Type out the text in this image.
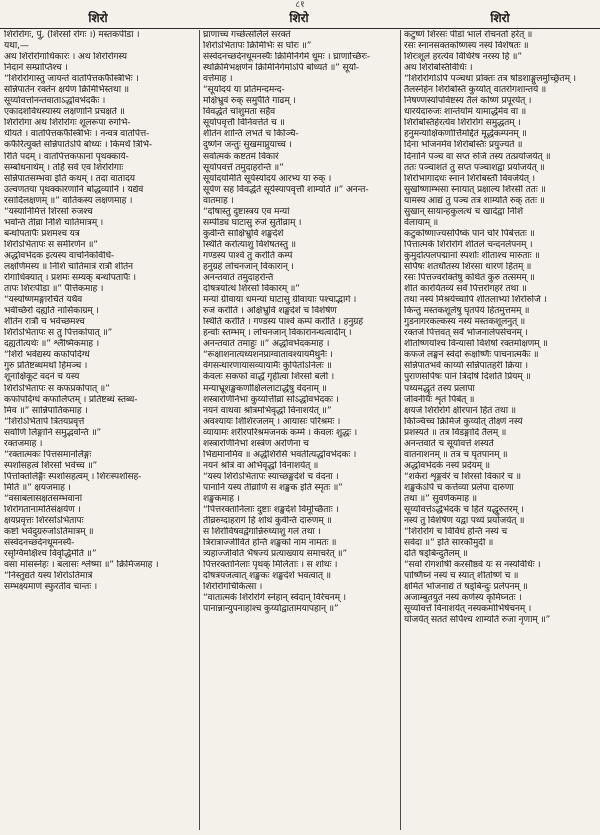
८१
शिरो	शिरो	शिरो
शिरोरोगः, पुं, (शिरसो रोगः ।) मस्तकपीडा ।
यथा,—
अथ शिरोरोगाधिकारः । अथ शिरोरोगस्य
निदानं सम्प्राप्तिश्च ।
“शिरोरोगास्तु जायन्ते वातपित्तकफैस्त्रिभिः ।
सन्निपातेन रक्तेन क्षयेण क्रिमिभिस्तथा ॥
सूर्य्यावर्त्तानन्तवाताऽर्द्धावभेदकैः ।
एकादशविधस्यास्य लक्षणानि प्रचक्षते ॥
शिरोरोगा अथ शिरोरोगः शूलरूपा रुगभि-
धीयते । वातपित्तकफैस्त्रिभिः । नन्वत्र वातपित्त-
कफैरित्युक्ते सन्निपातेऽपि बोध्यः । किमर्थं त्रिभि-
रिति पदम् । वातपित्तकफानां पृथक्कार्य-
सम्बोधनार्थम् । तर्हि सर्वे एव शिरोरोगाः
सन्निपातसम्भवा इति कथम् । तदा वातादय
उल्वणतया पृथक्कारणानि बोद्धव्यानि । यद्येवं
रसादिलक्षणम् ॥” वातिकस्य लक्षणमाह ।
“यस्यानिमित्तं शिरसो रुजश्च
भवन्ति तीव्रा निशि चातिमात्रम् ।
बन्धोपतापैः प्रशमश्च यत्र
शिरोऽभितापः स समीरणेन ॥”
अर्द्धावभेदक इत्यस्य वाचनिकविधि-
लक्षणिमस्य ॥ निशि चातिमात्रं रात्रौ शीतेन
रोगाधिक्यात् । प्रशमः सम्यक् बन्धोपतापैः ।
तापः शिरःपीडा ॥” पैत्तिकमाह ।
“यस्योष्णमङ्गारचितं यथैव
भवेच्छिरो दह्यति नासिकाग्रम् ।
शीतेन रात्रौ च भवेच्छमश्च
शिरोऽभितापः स तु पित्तकोपात् ॥”
दह्यतीत्यर्थः ॥” श्लैष्मिकमाह ।
“शिरो भवेद्यस्य कफोपदिग्धं
गुरु प्रतिष्टब्धमथो हिमञ्च ।
शूनाक्षिकूटं वदनं च यस्य
शिरोऽभितापः स कफप्रकोपात् ॥”
कफोपदिग्धं कफालिप्तम् । प्रतिष्टब्धं स्तब्ध-
मिव ॥” सान्निपातिकमाह ।
“शिरोऽभितापे त्रितयप्रवृत्ते
सर्वाणि लिङ्गानि समुद्भवन्ति ॥”
रक्तजमाह ।
“रक्तात्मकः पित्तसमानलिङ्गः
स्पर्शासहत्वं शिरसो भवेच्च ॥”
पित्तोक्तलिङ्गैः स्पर्शासहत्वम् । शिरःस्पर्शासह-
मिति ॥” क्षयजमाह ।
“वसाबलासक्षतसम्भवानां
शिरोगतानामतिसंक्षयेण ।
क्षयप्रवृत्तः शिरसोऽभितापः
कष्टो भवेदुग्ररुजोऽतिमात्रम् ॥
संस्वेदनच्छर्दनधूमनस्यै-
रसृग्विमोक्षैश्च विवृद्धिमेति ॥”
वसा मांसस्नेहः । बलासः श्लेष्मा ॥” क्रिमिजमाह ।
“निस्तुद्यते यस्य शिरोऽतिमात्रं
सम्भक्ष्यमाणं स्फुरतीव चान्तः ।
घ्राणाच्च गच्छेत्सलिलं सरक्तं
शिरोऽभितापः क्रिमिभिः स घोरः ॥”
संस्वेदनच्छर्दनधूमनस्यैः क्रिमिनिर्गमे धूमः । घ्राणाच्छिरः-
स्थक्रिमिभक्षणेन क्रिमिनिर्गमोऽपि बोध्यते ॥” सूर्या-
वर्त्तमाह ।
“सूर्योदयं या प्रतिमन्दमन्द-
मक्षिभ्रुवं रुक् समुपैति गाढम् ।
विवर्द्धते चांशुमता सहैव
सूर्यापवृत्तौ विनिवर्त्तते च ॥
शीतेन शान्तिं लभते च किञ्चि-
दुष्णेन जन्तुः सुखमाप्नुयाच्च ।
सर्वात्मकं कष्टतमं विकारं
सूर्यापवर्त्तं तमुदाहरन्ति ॥”
सूर्योदयमिति सूर्यस्योदयं आरभ्य या रुक् ।
सूर्येण सह विवर्द्धते सूर्यस्यापवृत्तौ शाम्यति ॥” अनन्त-
वातमाह ।
“दोषास्तु दुष्टास्त्रय एव मन्यां
सम्पीड्य घाटासु रुजं सुतीव्राम् ।
कुर्वन्ति साक्षिभ्रुवि शङ्खदेशे
स्थितिं करोत्याशु विशेषतस्तु ॥
गण्डस्य पार्श्वे तु करोति कम्पं
हनुग्रहं लोचनजान् विकारान् ।
अनन्तवातं तमुदाहरन्ति
दोषत्रयोत्थं शिरसो विकारम् ॥”
मन्यां ग्रीवाया धमन्यां घाटासु ग्रीवायाः पश्चाद्भागे ।
रुजं करोति । अक्षिभ्रुवि शङ्खदेशे च विशेषेण
स्थितिं करोति । गण्डस्य पार्श्वे कम्पं करोति । हनुग्रहं
हन्वोः स्तम्भम् । लोचनजान् विकारानन्धत्वादीन् ।
अनन्तवातं तमाहुः ॥” अर्द्धावभेदकमाह ।
“रूक्षाशनात्यध्यशनप्राग्वातावश्यायमैथुनैः ।
वेगसन्धारणायासव्यायामैः कुपितोऽनिलः ॥
केवलः सकफो वार्द्धं गृहीत्वा शिरसो बली ।
मन्याभ्रूशङ्खकर्णाक्षिललाटार्द्धेषु वेदनाम् ॥
शस्त्रारणिनिभां कुर्य्यात्तीव्रां सोऽर्द्धावभेदकः ।
नयनं वाथवा श्रोत्रमभिवृद्धो विनाशयेत् ॥”
अवश्यायः शिशिरजलम् । आयासः परिश्रमः ।
व्यायामः शरीरपरिश्रमजनकं कर्म्म । केवलः शुद्धः ।
शस्त्रारणिनिभां शस्त्रेण अरणिना च
भिद्यमानमिव ॥ अर्द्धशिरसि भवतीत्यर्द्धावभेदकः ।
नयनं श्रोत्रं वा अभिवृद्धो विनाशयेत् ॥
“यस्य शिरोऽभितापः स्याच्छङ्खदेशे च वेदना ।
पानानि यस्य तीव्राणि स शङ्खक इति स्मृतः ॥”
शङ्खकमाह ।
“पित्तरक्तानिलाः दुष्टाः शङ्खदेशे विमूर्च्छिताः ।
तीव्ररुग्दाहरागं हि शोथं कुर्वन्ति दारुणम् ॥
स शिरोविषवद्वेगान्निरुध्याशु गलं तथा ।
त्रिरात्राज्जीवितं हन्ति शङ्खको नाम नामतः ॥
त्र्यहाज्जीवति भैषज्यं प्रत्याख्याय समाचरेत् ॥”
पित्तरक्तानिलाः पृथक् मिलिताः । स शोथः ।
दोषत्रयजत्वात् शङ्खकः शङ्खदेशे भवत्वात् ॥
शिरोरोगचिकित्सा ।
“वातात्मके शिरोरोगे स्नेहान् स्वेदान् विरेचनम् ।
पानान्नान्युपनाहांश्च कुर्य्याद्वातामयापहान् ॥”
कटुष्णं शिरसः पीडां भाले रोचनतो हरेत् ॥
रसः स्नानसक्तकोष्णस्य नस्यं विशेषतः ॥
शिरःशूलं हरत्येव विधिरेष नरस्य हि ॥”
अथ शिरोबस्तिविधिः ।
“शिरोरोगोऽपि पञ्चधा प्रोक्तः तत्र षोडशाङ्गुलमुच्छ्रितम् ।
तैलस्नेहेन शिरोबस्तिं कुर्य्यात् वातरोगशान्तये ॥
निषण्णस्योपविष्टस्य तैलं कोष्णं प्रपूरयेत् ।
धारयेदारुजः शान्तेर्यामं यामार्द्धमेव वा ॥
शिरोबस्तिर्हरत्येव शिरोरोगं समुद्धतम् ।
हनुमन्याक्षिकर्णार्त्तिमर्द्दितं मूर्द्धकम्पनम् ॥
दिना भोजनमेव शिरोबस्तिः प्रयुज्यते ॥
दिनानि पञ्च वा सप्त रुजि तस्य तत्प्रयोजयेत् ॥
ततः पञ्चाशतं तु सप्त पञ्चाशद्वा प्रयोजयेत् ॥
शिरोभागादधः स्नानं शिरोबस्तौ विवर्जयेत् ।
सुखोष्णाम्भसा स्नायात् प्रक्षाल्य शिरसी ततः ॥
यामस्य आद्यं तु पञ्च तत्र शाम्यति रुक् ततः ॥
सुखान् सायान्हकुलत्थं च खादेद्वा निशि
वेलायाम् ॥
कटुकोष्णाज्यसर्पिष्कं पानं चोरं पिबेत्ततः ॥
पित्तात्मके शिरोरोगे शीतलं चन्दनलेपनम् ।
कुमुदोत्पलपद्मानां स्पर्शाः शीताश्च मारुताः ॥
सर्पिषः शतधौतस्य शिरसा धारणं हितम् ॥
रसः पित्तज्वरोक्तेषु कथितं कुरु तत्समम् ॥
शीतं कारयितव्यं सर्वं पित्तरोगहरं तथा ॥
तथा नस्यं मिश्रयेच्चापि शीतलाभ्यां शिरोरुजि ।
किन्तु मस्तकशूलेषु घृतपेयं हितमुत्तमम् ॥
गुडनागरकल्कस्य नस्यं मस्तकशूलनुत् ॥
रक्तजे पित्तवत् सर्वं भोजनालेपसेचनम् ।
शीतोष्णयोश्च विन्यासो विशेषो रक्तमोक्षणम् ॥
कफजे लङ्घनं स्वेदो रूक्षोष्णैः पाचनात्मकैः ॥
सन्निपातभवे कार्य्या सन्निपातहरी क्रिया ।
पुराणसर्पिषः पानं त्रिदोषे दिशति प्रियम् ॥
पथ्यमद्धृतं तस्य प्रलापा
जीवनीयैः शृतं पिबेत् ॥
क्षयजे शिरोरोगे क्षीरपानं हितं तथा ॥
किञ्चिच्च क्रिमिजे कुर्य्यात् तीक्ष्णं नस्यं
प्रशस्यते ॥ तत्र विडङ्गादि तैलम् ॥
अनन्तवाते च सूर्यावर्त्ते शस्यते
वातनाशनम् ॥ तत्र च घृतपानम् ॥
अर्द्धावभेदके नस्यं प्रदेयम् ॥
“शर्करां शृङ्गवेरं च शिरसो विकारे च ॥
शङ्खकेऽपि च कर्त्तव्या प्रलेपा दारुणा
तथा ॥” सुवर्णकमाह ॥
सूर्य्यावर्त्तेऽर्द्धभेदके च हितं यद्धुरुतरम् ।
नस्यं तु विशेषेण यद्वा पथ्यं प्रयोजयेत् ॥
“शिरोरोगं च विविधं हन्ति नस्यं च
सर्वदा ॥” इति सारकौमुदी ॥
दतिं षड्बिन्दुतैलम् ॥
“सर्वो रोगशोषी करसौष्ठवे यः स नस्यविधिः ।
पार्ष्णिघ्नं नस्यं च स्यात् शीतोष्णं च ॥
क्षमितं भोजनाद्यं तं षड्बिन्दुः प्रलेपनम् ॥
अजाम्बुतयुतं नस्यं कर्णस्य कृमिघ्नतः ।
सूर्य्यावर्त्तं विनाशयेत् नस्यकर्माभिषेचनम् ।
योजयेत् सततं सर्पिश्च शाम्यति रुजा नृणाम् ॥”
